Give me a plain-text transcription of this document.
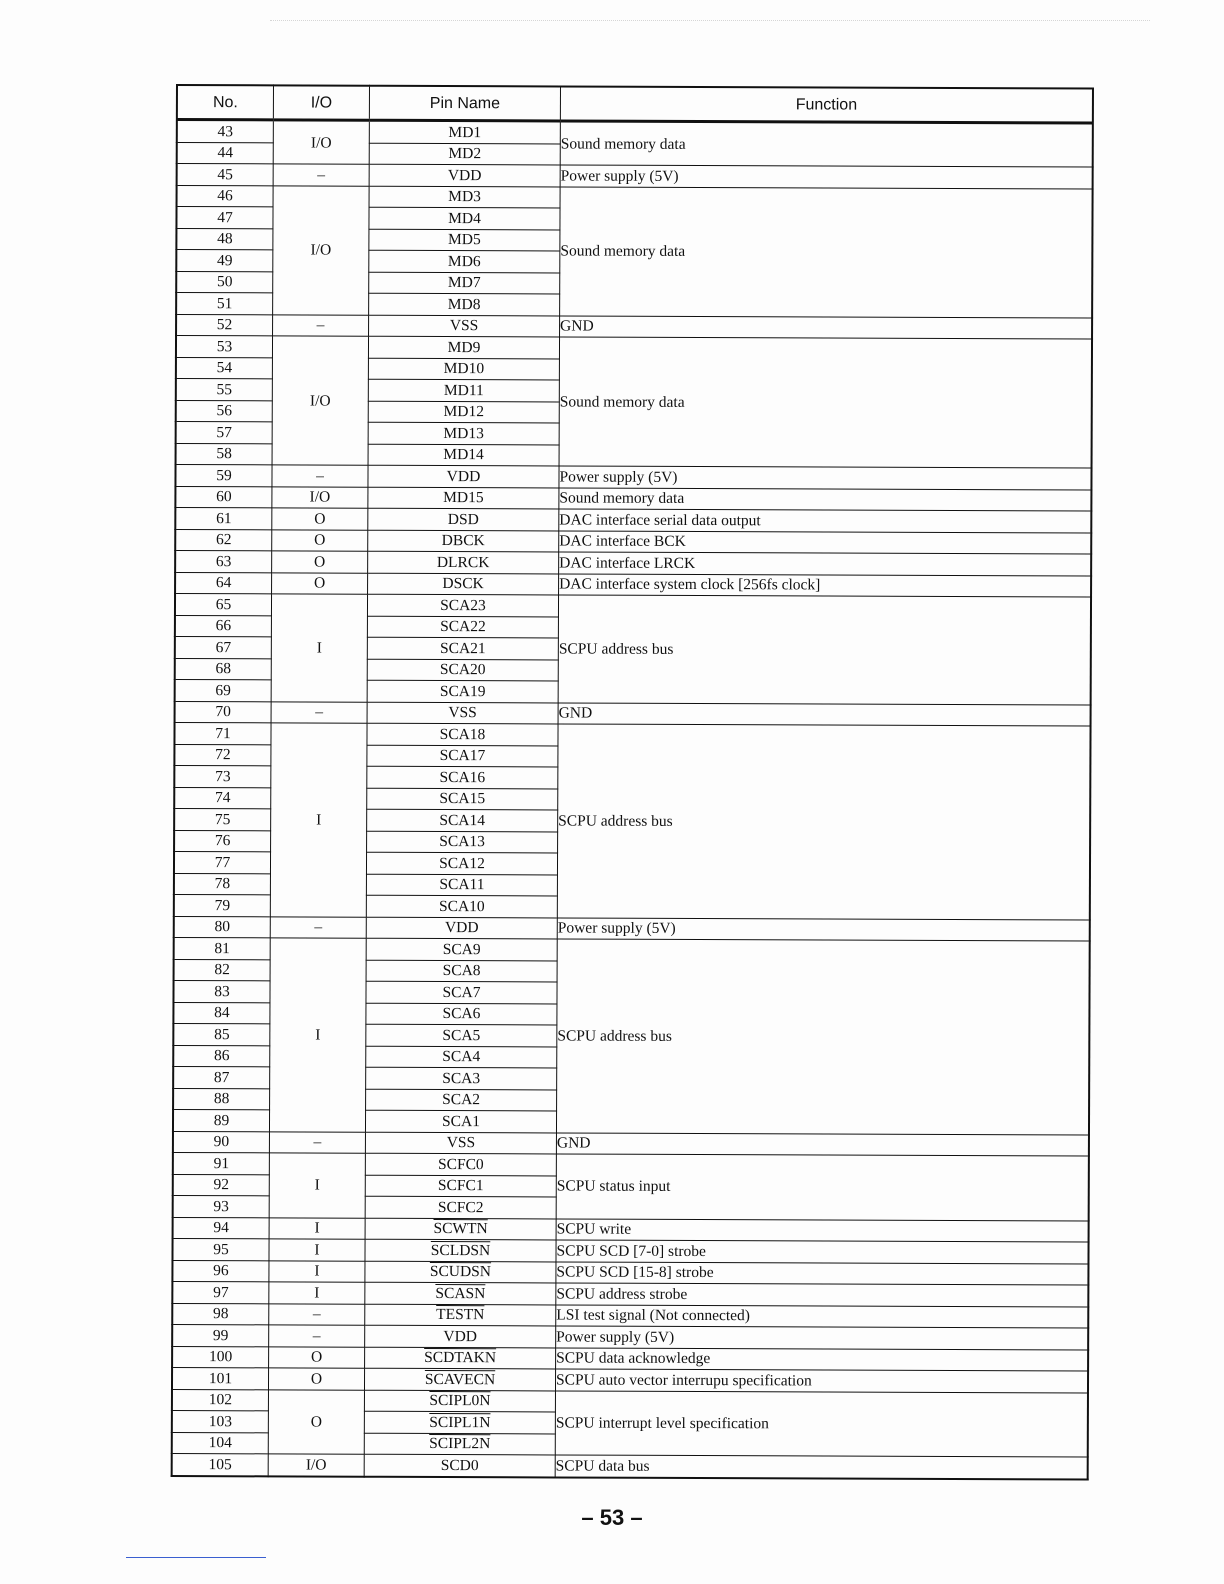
No.	I/O	Pin Name	Function
43	I/O	MD1	Sound memory data
44		MD2	
45	–	VDD	Power supply (5V)
46	I/O	MD3	Sound memory data
47		MD4	
48		MD5	
49		MD6	
50		MD7	
51		MD8	
52	–	VSS	GND
53	I/O	MD9	Sound memory data
54		MD10	
55		MD11	
56		MD12	
57		MD13	
58		MD14	
59	–	VDD	Power supply (5V)
60	I/O	MD15	Sound memory data
61	O	DSD	DAC interface serial data output
62	O	DBCK	DAC interface BCK
63	O	DLRCK	DAC interface LRCK
64	O	DSCK	DAC interface system clock [256fs clock]
65	I	SCA23	SCPU address bus
66		SCA22	
67		SCA21	
68		SCA20	
69		SCA19	
70	–	VSS	GND
71	I	SCA18	SCPU address bus
72		SCA17	
73		SCA16	
74		SCA15	
75		SCA14	
76		SCA13	
77		SCA12	
78		SCA11	
79		SCA10	
80	–	VDD	Power supply (5V)
81	I	SCA9	SCPU address bus
82		SCA8	
83		SCA7	
84		SCA6	
85		SCA5	
86		SCA4	
87		SCA3	
88		SCA2	
89		SCA1	
90	–	VSS	GND
91	I	SCFC0	SCPU status input
92		SCFC1	
93		SCFC2	
94	I	SCWTN	SCPU write
95	I	SCLDSN	SCPU SCD [7-0] strobe
96	I	SCUDSN	SCPU SCD [15-8] strobe
97	I	SCASN	SCPU address strobe
98	–	TESTN	LSI test signal (Not connected)
99	–	VDD	Power supply (5V)
100	O	SCDTAKN	SCPU data acknowledge
101	O	SCAVECN	SCPU auto vector interrupu specification
102	O	SCIPL0N	SCPU interrupt level specification
103		SCIPL1N	
104		SCIPL2N	
105	I/O	SCD0	SCPU data bus
– 53 –
